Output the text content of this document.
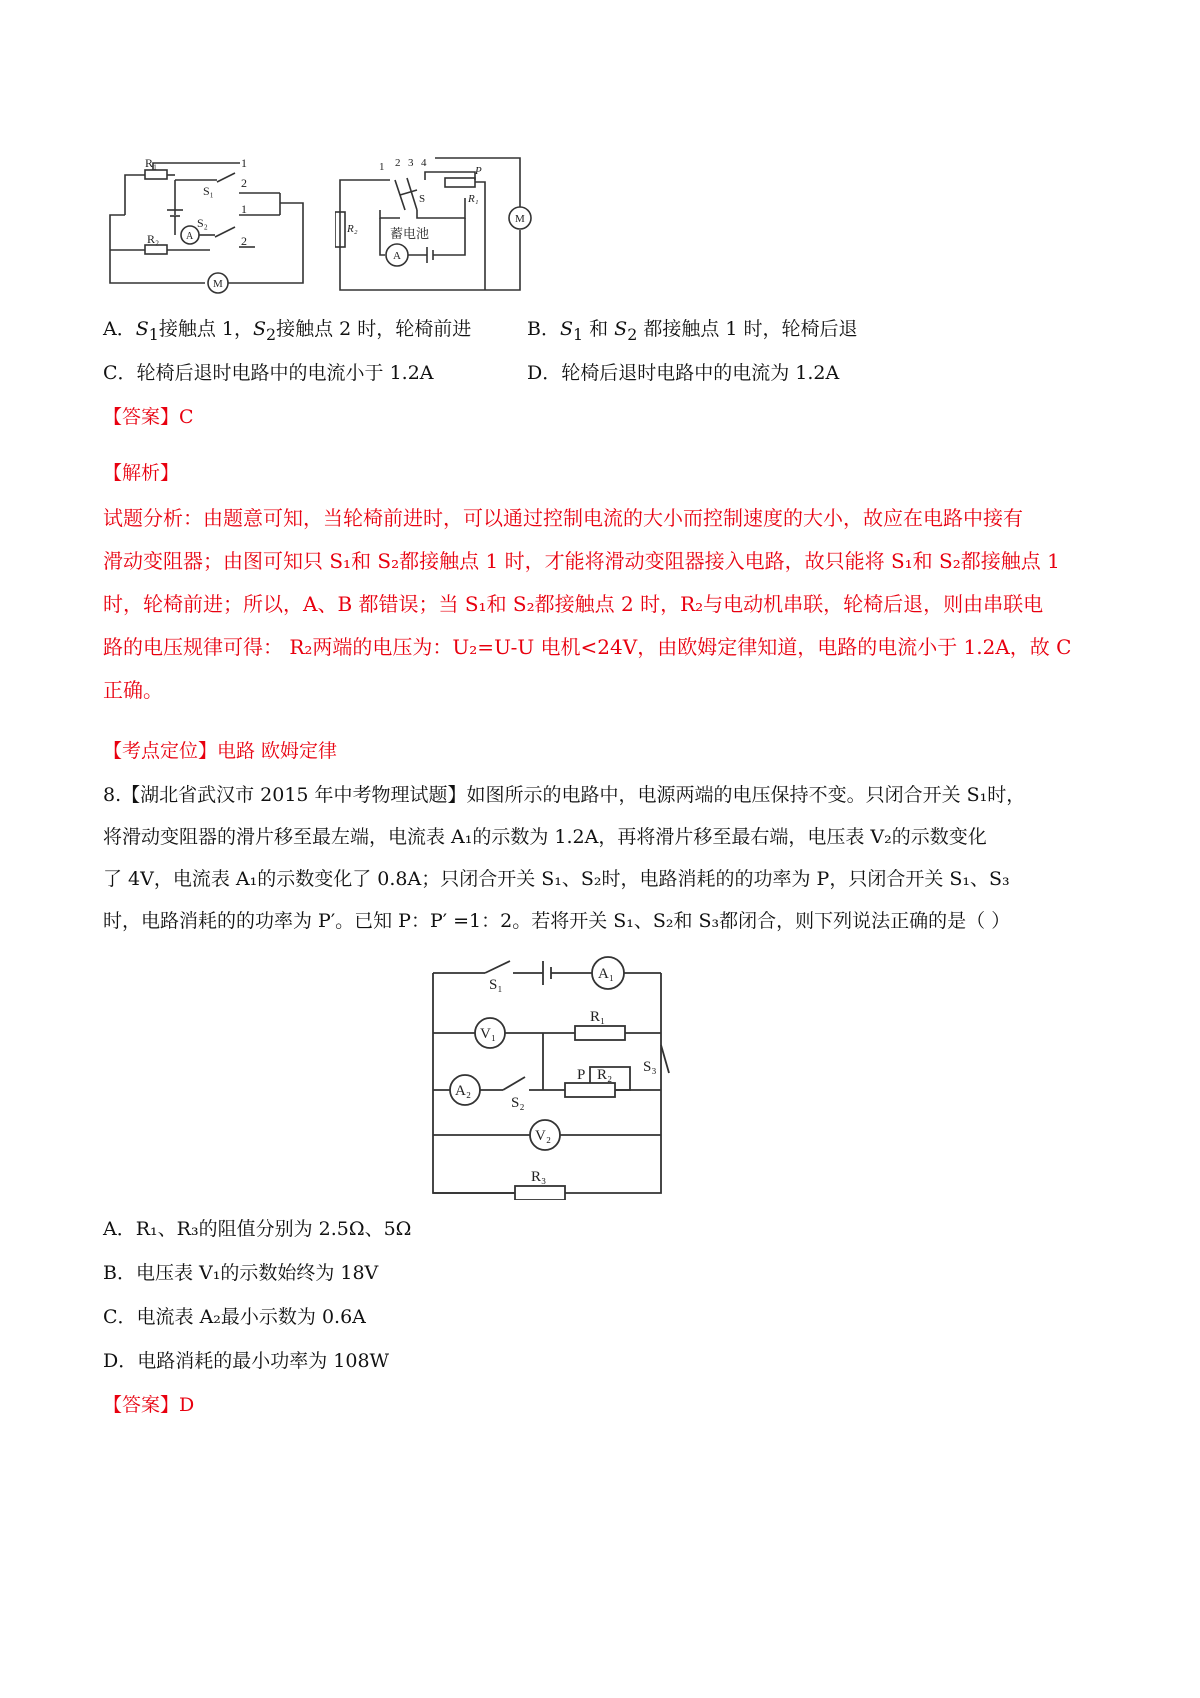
R₁
S₁
S₂
R₂	A
M
1
2
1
2
1 2 3 4
S
P
R₁
R₂ 蓄电池
A
M
A．$S_1$接触点 1，$S_2$接触点 2 时，轮椅前进	B．$S_1$ 和 $S_2$ 都接触点 1 时，轮椅后退
C．轮椅后退时电路中的电流小于 1.2A	D．轮椅后退时电路中的电流为 1.2A
【答案】C
【解析】
试题分析：由题意可知，当轮椅前进时，可以通过控制电流的大小而控制速度的大小，故应在电路中接有
滑动变阻器；由图可知只 S₁和 S₂都接触点 1 时，才能将滑动变阻器接入电路，故只能将 S₁和 S₂都接触点 1
时，轮椅前进；所以，A、B 都错误；当 S₁和 S₂都接触点 2 时，R₂与电动机串联，轮椅后退，则由串联电
路的电压规律可得： R₂两端的电压为：U₂=U-U 电机<24V，由欧姆定律知道，电路的电流小于 1.2A，故 C
正确。
【考点定位】电路 欧姆定律
8.【湖北省武汉市 2015 年中考物理试题】如图所示的电路中，电源两端的电压保持不变。只闭合开关 S₁时，
将滑动变阻器的滑片移至最左端，电流表 A₁的示数为 1.2A，再将滑片移至最右端，电压表 V₂的示数变化
了 4V，电流表 A₁的示数变化了 0.8A；只闭合开关 S₁、S₂时，电路消耗的的功率为 P，只闭合开关 S₁、S₃
时，电路消耗的的功率为 P′。已知 P：P′ =1：2。若将开关 S₁、S₂和 S₃都闭合，则下列说法正确的是（ ）
S₁
A₁
V₁
R₁
A₂
S₂
P R₂ S₃
V₂
R₃
A．R₁、R₃的阻值分别为 2.5Ω、5Ω
B．电压表 V₁的示数始终为 18V
C．电流表 A₂最小示数为 0.6A
D．电路消耗的最小功率为 108W
【答案】D
